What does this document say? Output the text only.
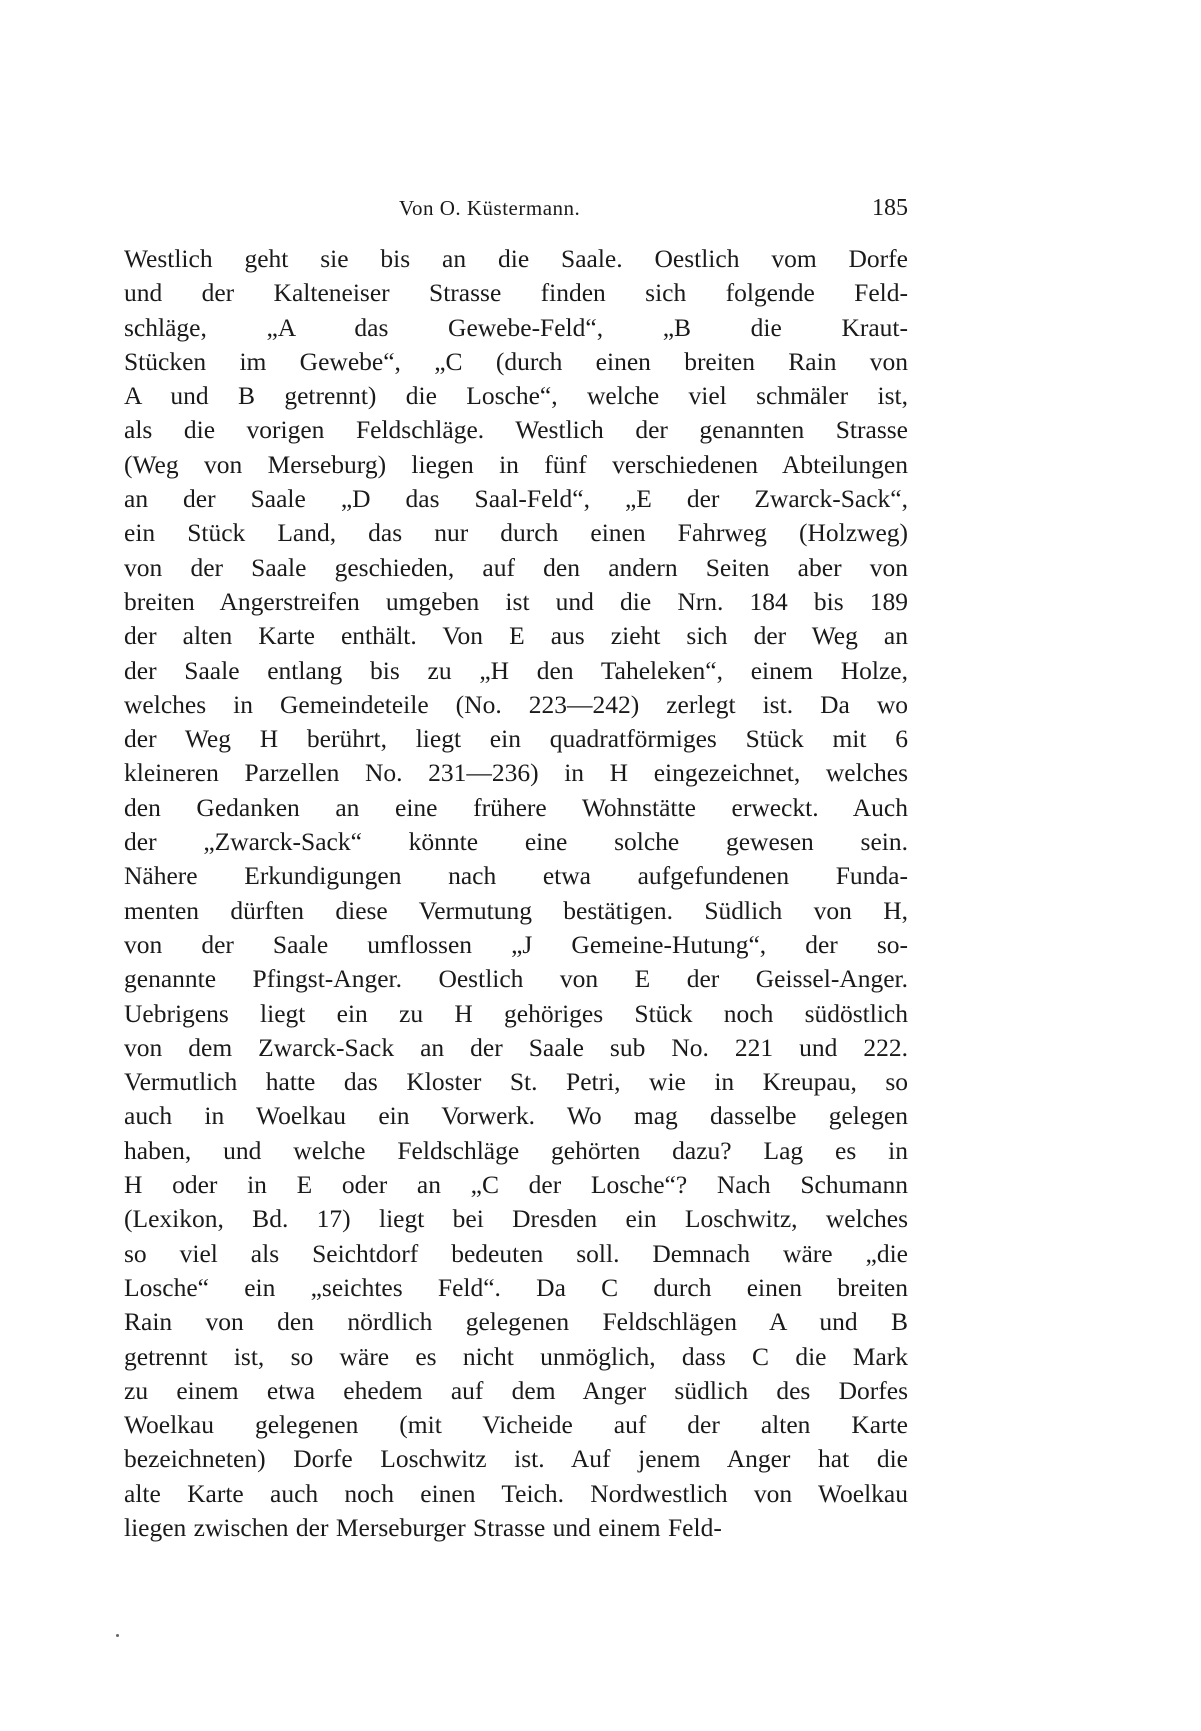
Von O. Küstermann.	185
Westlich geht sie bis an die Saale. Oestlich vom Dorfe
und der Kalteneiser Strasse finden sich folgende Feld-
schläge, „A das Gewebe-Feld“, „B die Kraut-
Stücken im Gewebe“, „C (durch einen breiten Rain von
A und B getrennt) die Losche“, welche viel schmäler ist,
als die vorigen Feldschläge. Westlich der genannten Strasse
(Weg von Merseburg) liegen in fünf verschiedenen Abteilungen
an der Saale „D das Saal-Feld“, „E der Zwarck-Sack“,
ein Stück Land, das nur durch einen Fahrweg (Holzweg)
von der Saale geschieden, auf den andern Seiten aber von
breiten Angerstreifen umgeben ist und die Nrn. 184 bis 189
der alten Karte enthält. Von E aus zieht sich der Weg an
der Saale entlang bis zu „H den Taheleken“, einem Holze,
welches in Gemeindeteile (No. 223—242) zerlegt ist. Da wo
der Weg H berührt, liegt ein quadratförmiges Stück mit 6
kleineren Parzellen No. 231—236) in H eingezeichnet, welches
den Gedanken an eine frühere Wohnstätte erweckt. Auch
der „Zwarck-Sack“ könnte eine solche gewesen sein.
Nähere Erkundigungen nach etwa aufgefundenen Funda-
menten dürften diese Vermutung bestätigen. Südlich von H,
von der Saale umflossen „J Gemeine-Hutung“, der so-
genannte Pfingst-Anger. Oestlich von E der Geissel-Anger.
Uebrigens liegt ein zu H gehöriges Stück noch südöstlich
von dem Zwarck-Sack an der Saale sub No. 221 und 222.
Vermutlich hatte das Kloster St. Petri, wie in Kreupau, so
auch in Woelkau ein Vorwerk. Wo mag dasselbe gelegen
haben, und welche Feldschläge gehörten dazu? Lag es in
H oder in E oder an „C der Losche“? Nach Schumann
(Lexikon, Bd. 17) liegt bei Dresden ein Loschwitz, welches
so viel als Seichtdorf bedeuten soll. Demnach wäre „die
Losche“ ein „seichtes Feld“. Da C durch einen breiten
Rain von den nördlich gelegenen Feldschlägen A und B
getrennt ist, so wäre es nicht unmöglich, dass C die Mark
zu einem etwa ehedem auf dem Anger südlich des Dorfes
Woelkau gelegenen (mit Vicheide auf der alten Karte
bezeichneten) Dorfe Loschwitz ist. Auf jenem Anger hat die
alte Karte auch noch einen Teich. Nordwestlich von Woelkau
liegen zwischen der Merseburger Strasse und einem Feld-
